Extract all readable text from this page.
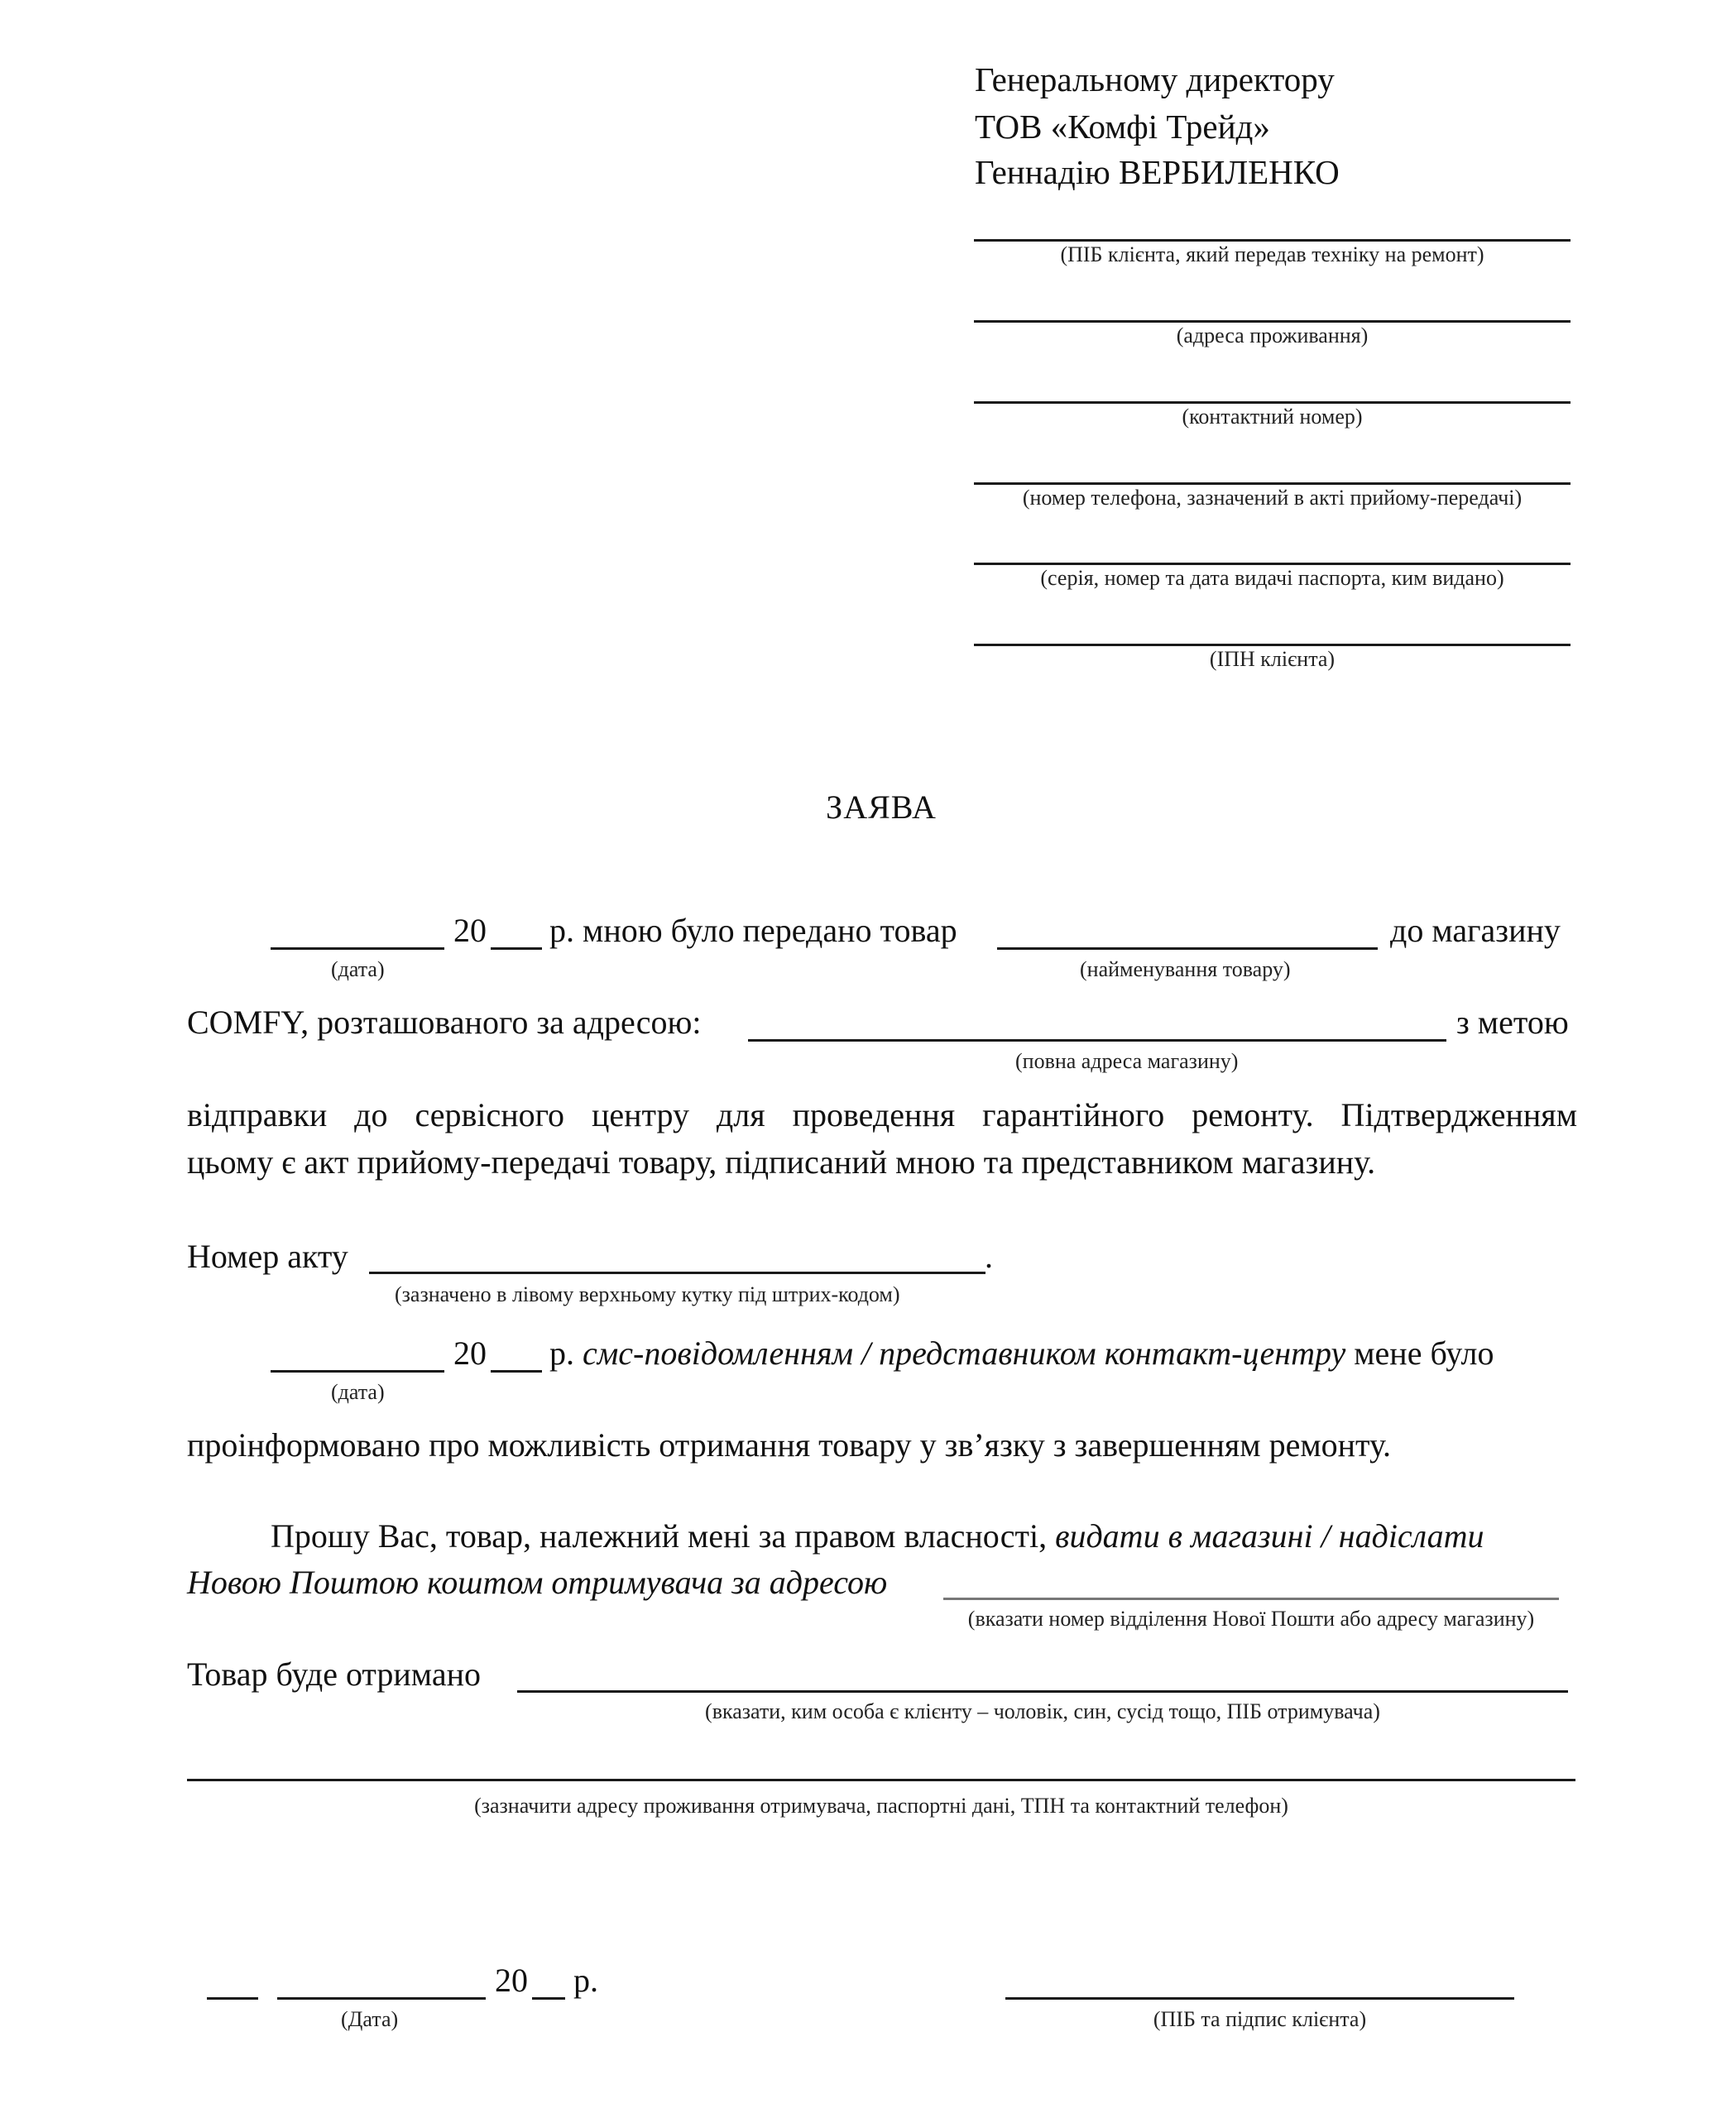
Генеральному директору
ТОВ «Комфі Трейд»
Геннадію ВЕРБИЛЕНКО
(ПІБ клієнта, який передав техніку на ремонт)
(адреса проживання)
(контактний номер)
(номер телефона, зазначений в акті прийому-передачі)
(серія, номер та дата видачі паспорта, ким видано)
(ІПН клієнта)
ЗАЯВА
20 р. мною було передано товар	до магазину
(дата)	(найменування товару)
COMFY, розташованого за адресою:	з метою
(повна адреса магазину)
відправки до сервісного центру для проведення гарантійного ремонту. Підтвердженням
цьому є акт прийому-передачі товару, підписаний мною та представником магазину.
Номер акту	.
(зазначено в лівому верхньому кутку під штрих-кодом)
20 р. смс-повідомленням / представником контакт-центру мене було
(дата)
проінформовано про можливість отримання товару у зв’язку з завершенням ремонту.
Прошу Вас, товар, належний мені за правом власності, видати в магазині / надіслати
Новою Поштою коштом отримувача за адресою
(вказати номер відділення Нової Пошти або адресу магазину)
Товар буде отримано
(вказати, ким особа є клієнту – чоловік, син, сусід тощо, ПІБ отримувача)
(зазначити адресу проживання отримувача, паспортні дані, ТПН та контактний телефон)
20 р.
(Дата)	(ПІБ та підпис клієнта)
